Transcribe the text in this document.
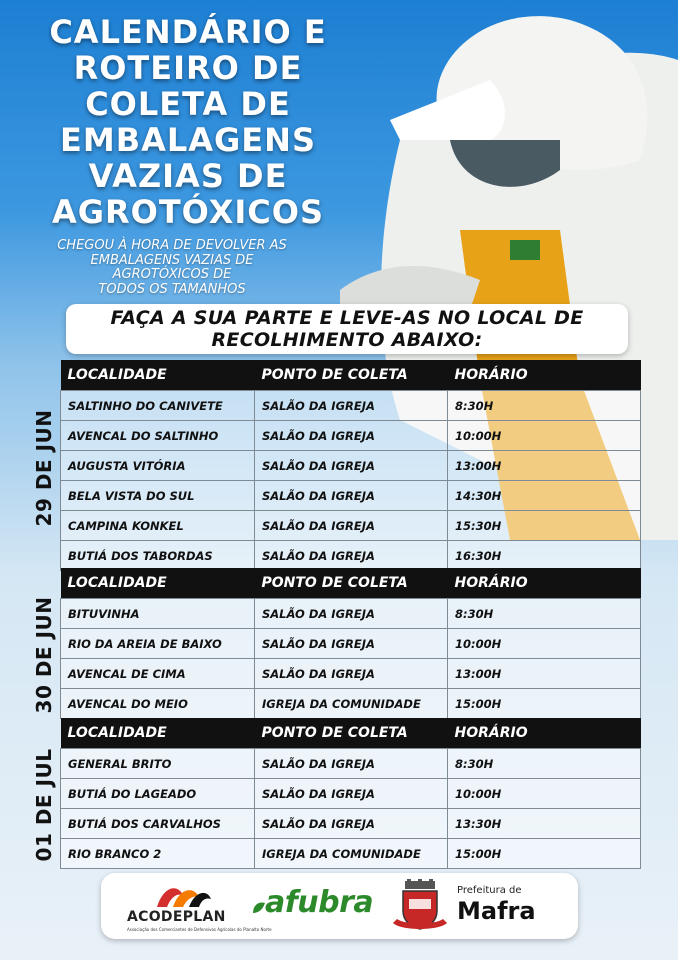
CALENDÁRIO E
ROTEIRO DE
COLETA DE
EMBALAGENS
VAZIAS DE
AGROTÓXICOS

CHEGOU À HORA DE DEVOLVER AS
EMBALAGENS VAZIAS DE
AGROTÓXICOS DE
TODOS OS TAMANHOS

FAÇA A SUA PARTE E LEVE-AS NO LOCAL DE
RECOLHIMENTO ABAIXO:
29 DE JUN
LOCALIDADE	PONTO DE COLETA	HORÁRIO
SALTINHO DO CANIVETE	SALÃO DA IGREJA	8:30H
AVENCAL DO SALTINHO	SALÃO DA IGREJA	10:00H
AUGUSTA VITÓRIA	SALÃO DA IGREJA	13:00H
BELA VISTA DO SUL	SALÃO DA IGREJA	14:30H
CAMPINA KONKEL	SALÃO DA IGREJA	15:30H
BUTIÁ DOS TABORDAS	SALÃO DA IGREJA	16:30H
30 DE JUN
LOCALIDADE	PONTO DE COLETA	HORÁRIO
BITUVINHA	SALÃO DA IGREJA	8:30H
RIO DA AREIA DE BAIXO	SALÃO DA IGREJA	10:00H
AVENCAL DE CIMA	SALÃO DA IGREJA	13:00H
AVENCAL DO MEIO	IGREJA DA COMUNIDADE	15:00H
01 DE JUL
LOCALIDADE	PONTO DE COLETA	HORÁRIO
GENERAL BRITO	SALÃO DA IGREJA	8:30H
BUTIÁ DO LAGEADO	SALÃO DA IGREJA	10:00H
BUTIÁ DOS CARVALHOS	SALÃO DA IGREJA	13:30H
RIO BRANCO 2	IGREJA DA COMUNIDADE	15:00H
ACODEPLAN
Associação dos Comerciantes de Defensivos Agrícolas do Planalto Norte
afubra	Prefeitura de
Mafra
